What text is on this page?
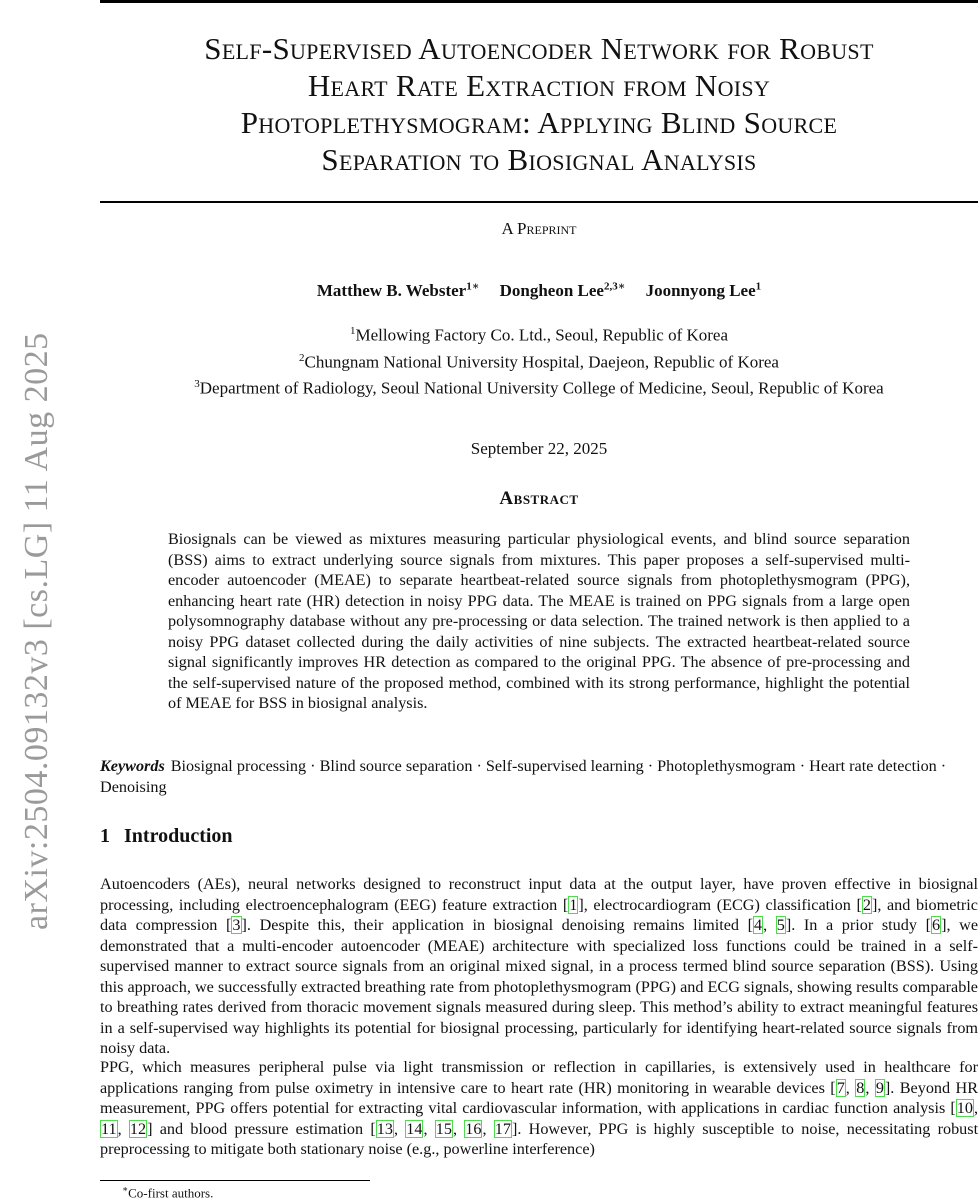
arXiv:2504.09132v3 [cs.LG] 11 Aug 2025
Self-Supervised Autoencoder Network for Robust
Heart Rate Extraction from Noisy
Photoplethysmogram: Applying Blind Source
Separation to Biosignal Analysis
A Preprint
Matthew B. Webster$^{1∗}$ Dongheon Lee$^{2,3∗}$ Joonnyong Lee$^1$
$^1$Mellowing Factory Co. Ltd., Seoul, Republic of Korea
$^2$Chungnam National University Hospital, Daejeon, Republic of Korea
$^3$Department of Radiology, Seoul National University College of Medicine, Seoul, Republic of Korea
September 22, 2025
Abstract

Biosignals can be viewed as mixtures measuring particular physiological events, and blind source separation (BSS) aims to extract underlying source signals from mixtures. This paper proposes a self-supervised multi-encoder autoencoder (MEAE) to separate heartbeat-related source signals from photoplethysmogram (PPG), enhancing heart rate (HR) detection in noisy PPG data. The MEAE is trained on PPG signals from a large open polysomnography database without any pre-processing or data selection. The trained network is then applied to a noisy PPG dataset collected during the daily activities of nine subjects. The extracted heartbeat-related source signal significantly improves HR detection as compared to the original PPG. The absence of pre-processing and the self-supervised nature of the proposed method, combined with its strong performance, highlight the potential of MEAE for BSS in biosignal analysis.

Keywords Biosignal processing · Blind source separation · Self-supervised learning · Photoplethysmogram · Heart rate detection · Denoising

1 Introduction

Autoencoders (AEs), neural networks designed to reconstruct input data at the output layer, have proven effective in biosignal processing, including electroencephalogram (EEG) feature extraction [1], electrocardiogram (ECG) classification [2], and biometric data compression [3]. Despite this, their application in biosignal denoising remains limited [4, 5]. In a prior study [6], we demonstrated that a multi-encoder autoencoder (MEAE) architecture with specialized loss functions could be trained in a self-supervised manner to extract source signals from an original mixed signal, in a process termed blind source separation (BSS). Using this approach, we successfully extracted breathing rate from photoplethysmogram (PPG) and ECG signals, showing results comparable to breathing rates derived from thoracic movement signals measured during sleep. This method’s ability to extract meaningful features in a self-supervised way highlights its potential for biosignal processing, particularly for identifying heart-related source signals from noisy data.

PPG, which measures peripheral pulse via light transmission or reflection in capillaries, is extensively used in healthcare for applications ranging from pulse oximetry in intensive care to heart rate (HR) monitoring in wearable devices [7, 8, 9]. Beyond HR measurement, PPG offers potential for extracting vital cardiovascular information, with applications in cardiac function analysis [10, 11, 12] and blood pressure estimation [13, 14, 15, 16, 17]. However, PPG is highly susceptible to noise, necessitating robust preprocessing to mitigate both stationary noise (e.g., powerline interference)

∗Co-first authors.
